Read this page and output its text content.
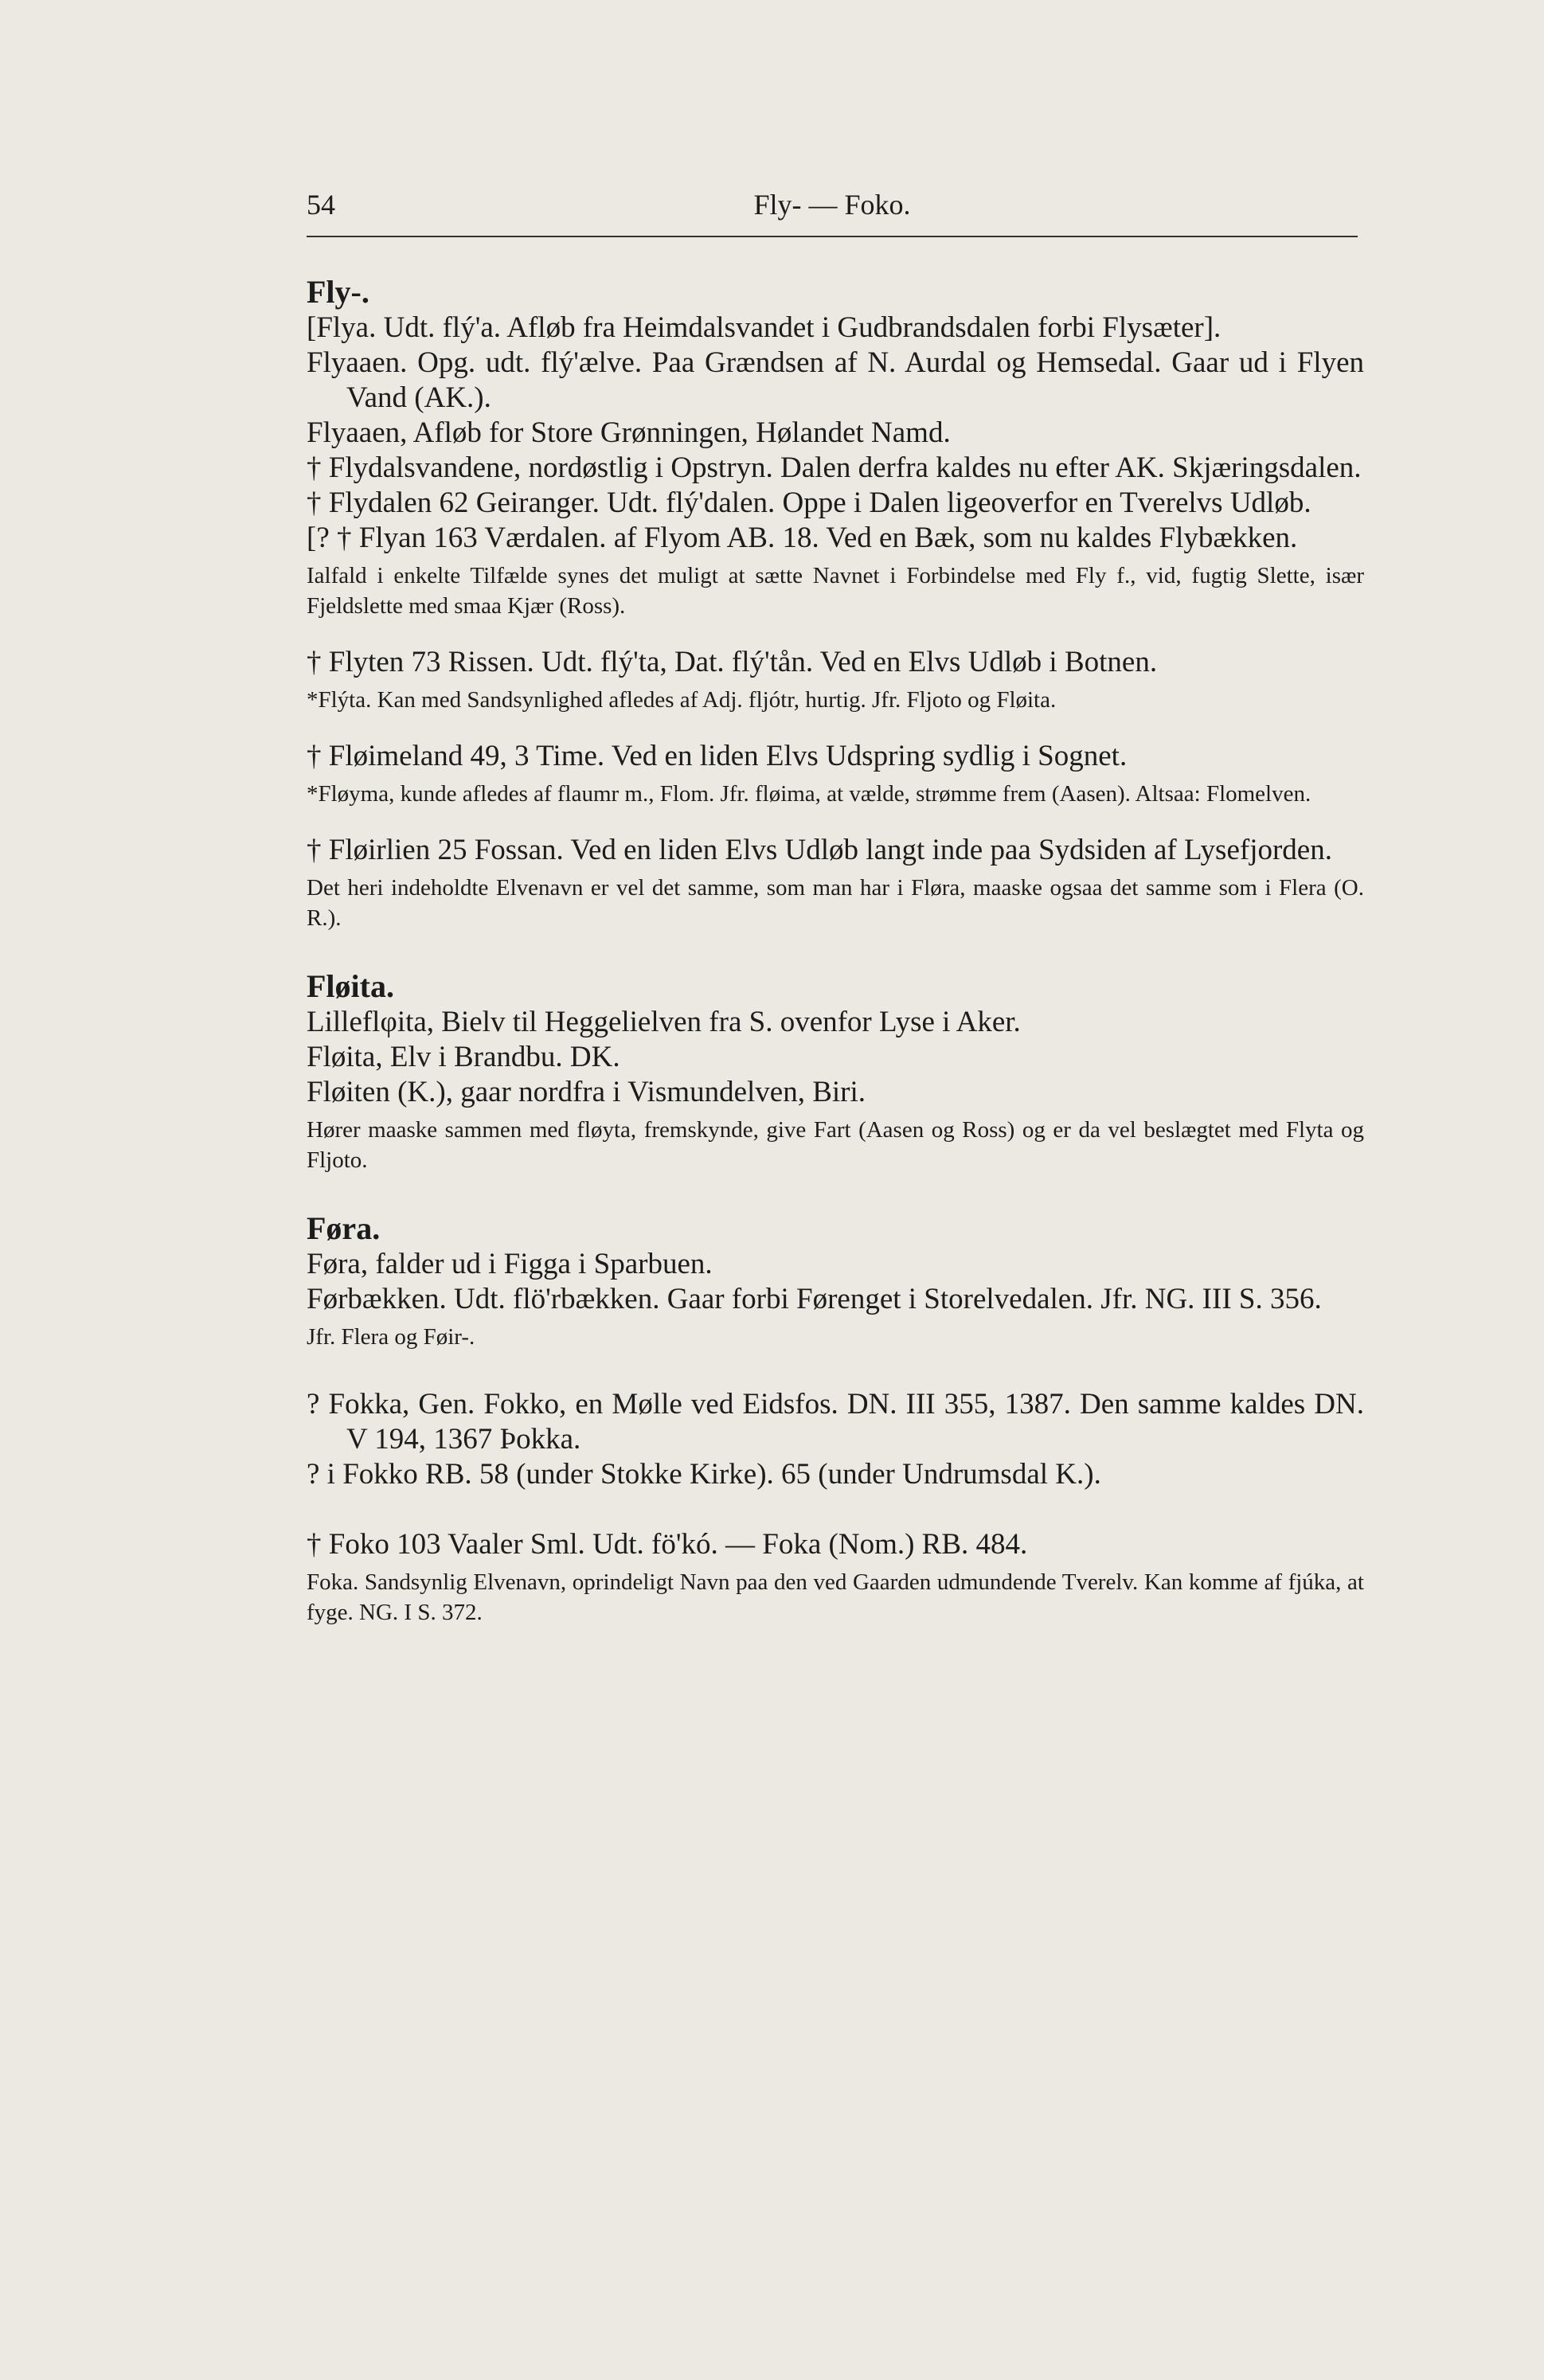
54	Fly- — Foko.

Fly-.

[Flya. Udt. flý'a. Afløb fra Heimdalsvandet i Gudbrandsdalen forbi Flysæter].

Flyaaen. Opg. udt. flý'ælve. Paa Grændsen af N. Aurdal og Hemsedal. Gaar ud i Flyen Vand (AK.).

Flyaaen, Afløb for Store Grønningen, Hølandet Namd.

† Flydalsvandene, nordøstlig i Opstryn. Dalen derfra kaldes nu efter AK. Skjæringsdalen.

† Flydalen 62 Geiranger. Udt. flý'dalen. Oppe i Dalen ligeoverfor en Tverelvs Udløb.

[? † Flyan 163 Værdalen. af Flyom AB. 18. Ved en Bæk, som nu kaldes Flybækken.

Ialfald i enkelte Tilfælde synes det muligt at sætte Navnet i Forbindelse med Fly f., vid, fugtig Slette, især Fjeldslette med smaa Kjær (Ross).

† Flyten 73 Rissen. Udt. flý'ta, Dat. flý'tån. Ved en Elvs Udløb i Botnen.

*Flýta. Kan med Sandsynlighed afledes af Adj. fljótr, hurtig. Jfr. Fljoto og Fløita.

† Fløimeland 49, 3 Time. Ved en liden Elvs Udspring sydlig i Sognet.

*Fløyma, kunde afledes af flaumr m., Flom. Jfr. fløima, at vælde, strømme frem (Aasen). Altsaa: Flomelven.

† Fløirlien 25 Fossan. Ved en liden Elvs Udløb langt inde paa Sydsiden af Lysefjorden.

Det heri indeholdte Elvenavn er vel det samme, som man har i Fløra, maaske ogsaa det samme som i Flera (O. R.).

Fløita.

Lilleflφita, Bielv til Heggelielven fra S. ovenfor Lyse i Aker.

Fløita, Elv i Brandbu. DK.

Fløiten (K.), gaar nordfra i Vismundelven, Biri.

Hører maaske sammen med fløyta, fremskynde, give Fart (Aasen og Ross) og er da vel beslægtet med Flyta og Fljoto.

Føra.

Føra, falder ud i Figga i Sparbuen.

Førbækken. Udt. flö'rbækken. Gaar forbi Førenget i Storelvedalen. Jfr. NG. III S. 356.

Jfr. Flera og Føir-.

? Fokka, Gen. Fokko, en Mølle ved Eidsfos. DN. III 355, 1387. Den samme kaldes DN. V 194, 1367 Þokka.

? i Fokko RB. 58 (under Stokke Kirke). 65 (under Undrumsdal K.).

† Foko 103 Vaaler Sml. Udt. fö'kó. — Foka (Nom.) RB. 484.

Foka. Sandsynlig Elvenavn, oprindeligt Navn paa den ved Gaarden udmundende Tverelv. Kan komme af fjúka, at fyge. NG. I S. 372.
